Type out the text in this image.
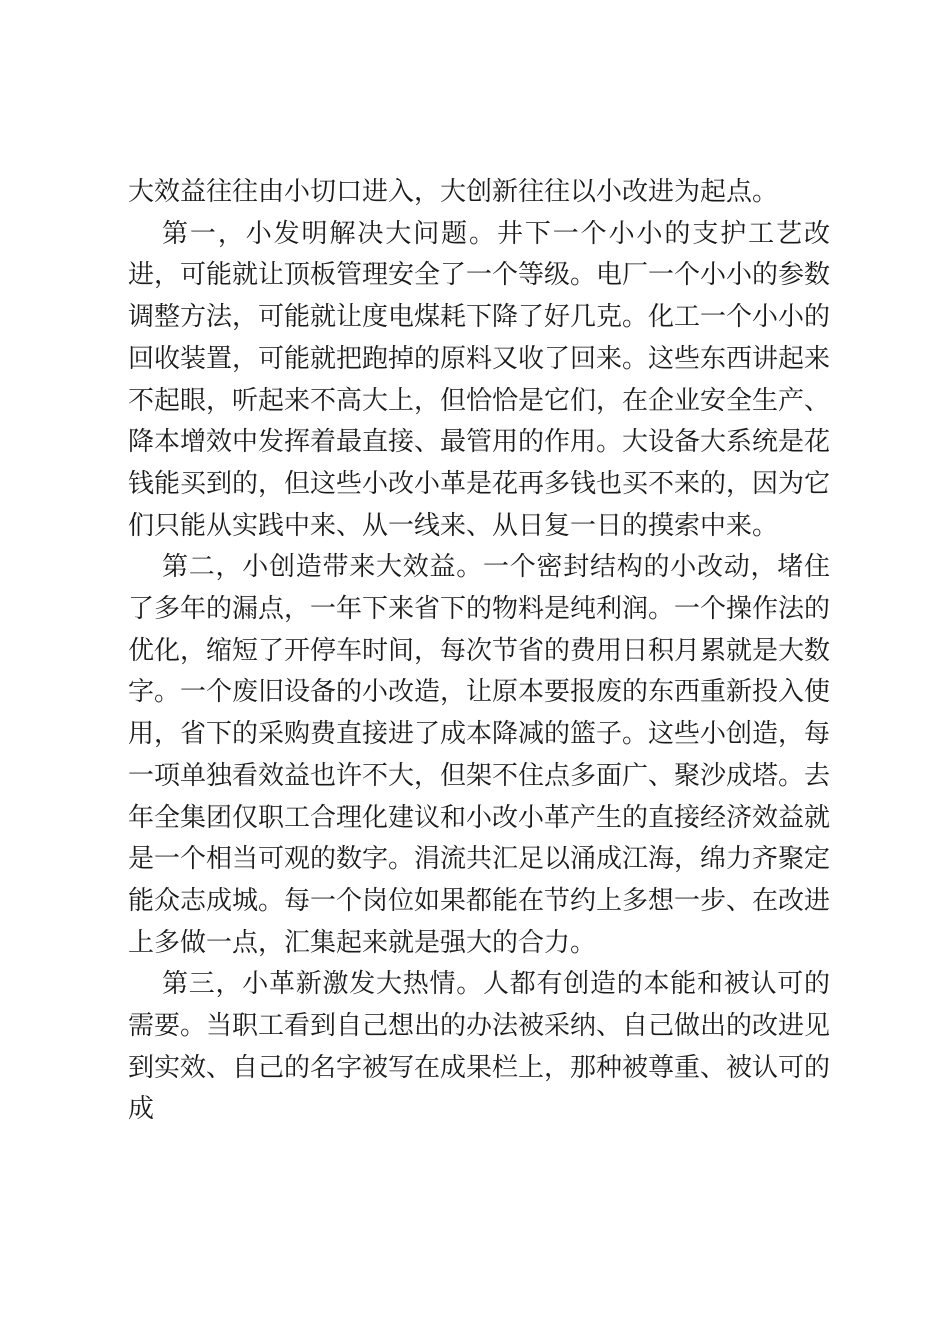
大效益往往由小切口进入，大创新往往以小改进为起点。

第一，小发明解决大问题。井下一个小小的支护工艺改进，可能就让顶板管理安全了一个等级。电厂一个小小的参数调整方法，可能就让度电煤耗下降了好几克。化工一个小小的回收装置，可能就把跑掉的原料又收了回来。这些东西讲起来不起眼，听起来不高大上，但恰恰是它们，在企业安全生产、降本增效中发挥着最直接、最管用的作用。大设备大系统是花钱能买到的，但这些小改小革是花再多钱也买不来的，因为它们只能从实践中来、从一线来、从日复一日的摸索中来。

第二，小创造带来大效益。一个密封结构的小改动，堵住了多年的漏点，一年下来省下的物料是纯利润。一个操作法的优化，缩短了开停车时间，每次节省的费用日积月累就是大数字。一个废旧设备的小改造，让原本要报废的东西重新投入使用，省下的采购费直接进了成本降减的篮子。这些小创造，每一项单独看效益也许不大，但架不住点多面广、聚沙成塔。去年全集团仅职工合理化建议和小改小革产生的直接经济效益就是一个相当可观的数字。涓流共汇足以涌成江海，绵力齐聚定能众志成城。每一个岗位如果都能在节约上多想一步、在改进上多做一点，汇集起来就是强大的合力。

第三，小革新激发大热情。人都有创造的本能和被认可的需要。当职工看到自己想出的办法被采纳、自己做出的改进见到实效、自己的名字被写在成果栏上，那种被尊重、被认可的成
